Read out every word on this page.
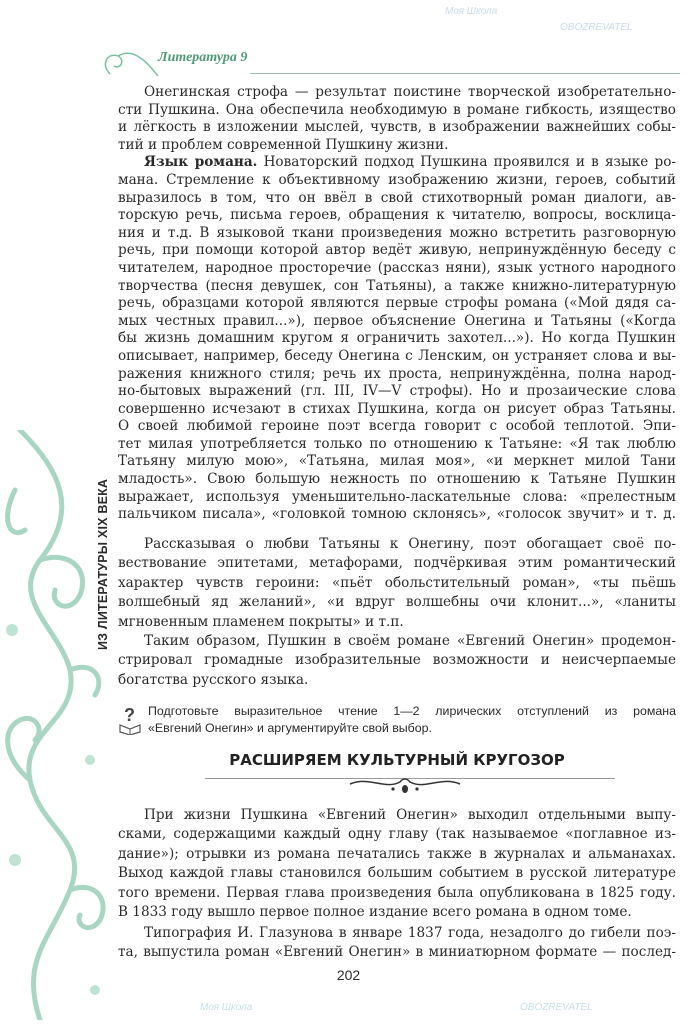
Моя Школа
OBOZREVATEL
Моя Школа	OBOZREVATEL
Литература 9
ИЗ ЛИТЕРАТУРЫ XIX ВЕКА
Онегинская строфа — результат поистине творческой изобретательно-
сти Пушкина. Она обеспечила необходимую в романе гибкость, изящество
и лёгкость в изложении мыслей, чувств, в изображении важнейших собы-
тий и проблем современной Пушкину жизни.
Язык романа. Новаторский подход Пушкина проявился и в языке ро-
мана. Стремление к объективному изображению жизни, героев, событий
выразилось в том, что он ввёл в свой стихотворный роман диалоги, ав-
торскую речь, письма героев, обращения к читателю, вопросы, восклица-
ния и т.д. В языковой ткани произведения можно встретить разговорную
речь, при помощи которой автор ведёт живую, непринуждённую беседу с
читателем, народное просторечие (рассказ няни), язык устного народного
творчества (песня девушек, сон Татьяны), а также книжно-литературную
речь, образцами которой являются первые строфы романа («Мой дядя са-
мых честных правил...»), первое объяснение Онегина и Татьяны («Когда
бы жизнь домашним кругом я ограничить захотел...»). Но когда Пушкин
описывает, например, беседу Онегина с Ленским, он устраняет слова и вы-
ражения книжного стиля; речь их проста, непринуждённа, полна народ-
но-бытовых выражений (гл. III, IV—V строфы). Но и прозаические слова
совершенно исчезают в стихах Пушкина, когда он рисует образ Татьяны.
О своей любимой героине поэт всегда говорит с особой теплотой. Эпи-
тет милая употребляется только по отношению к Татьяне: «Я так люблю
Татьяну милую мою», «Татьяна, милая моя», «и меркнет милой Тани
младость». Свою большую нежность по отношению к Татьяне Пушкин
выражает, используя уменьшительно-ласкательные слова: «прелестным
пальчиком писала», «головкой томною склонясь», «голосок звучит» и т. д.
Рассказывая о любви Татьяны к Онегину, поэт обогащает своё по-
вествование эпитетами, метафорами, подчёркивая этим романтический
характер чувств героини: «пьёт обольстительный роман», «ты пьёшь
волшебный яд желаний», «и вдруг волшебны очи клонит...», «ланиты
мгновенным пламенем покрыты» и т.п.
Таким образом, Пушкин в своём романе «Евгений Онегин» продемон-
стрировал громадные изобразительные возможности и неисчерпаемые
богатства русского языка.
? Подготовьте выразительное чтение 1—2 лирических отступлений из романа
«Евгений Онегин» и аргументируйте свой выбор.
РАСШИРЯЕМ КУЛЬТУРНЫЙ КРУГОЗОР
При жизни Пушкина «Евгений Онегин» выходил отдельными выпу-
сками, содержащими каждый одну главу (так называемое «поглавное из-
дание»); отрывки из романа печатались также в журналах и альманахах.
Выход каждой главы становился большим событием в русской литературе
того времени. Первая глава произведения была опубликована в 1825 году.
В 1833 году вышло первое полное издание всего романа в одном томе.
Типография И. Глазунова в январе 1837 года, незадолго до гибели поэ-
та, выпустила роман «Евгений Онегин» в миниатюрном формате — послед-
202
